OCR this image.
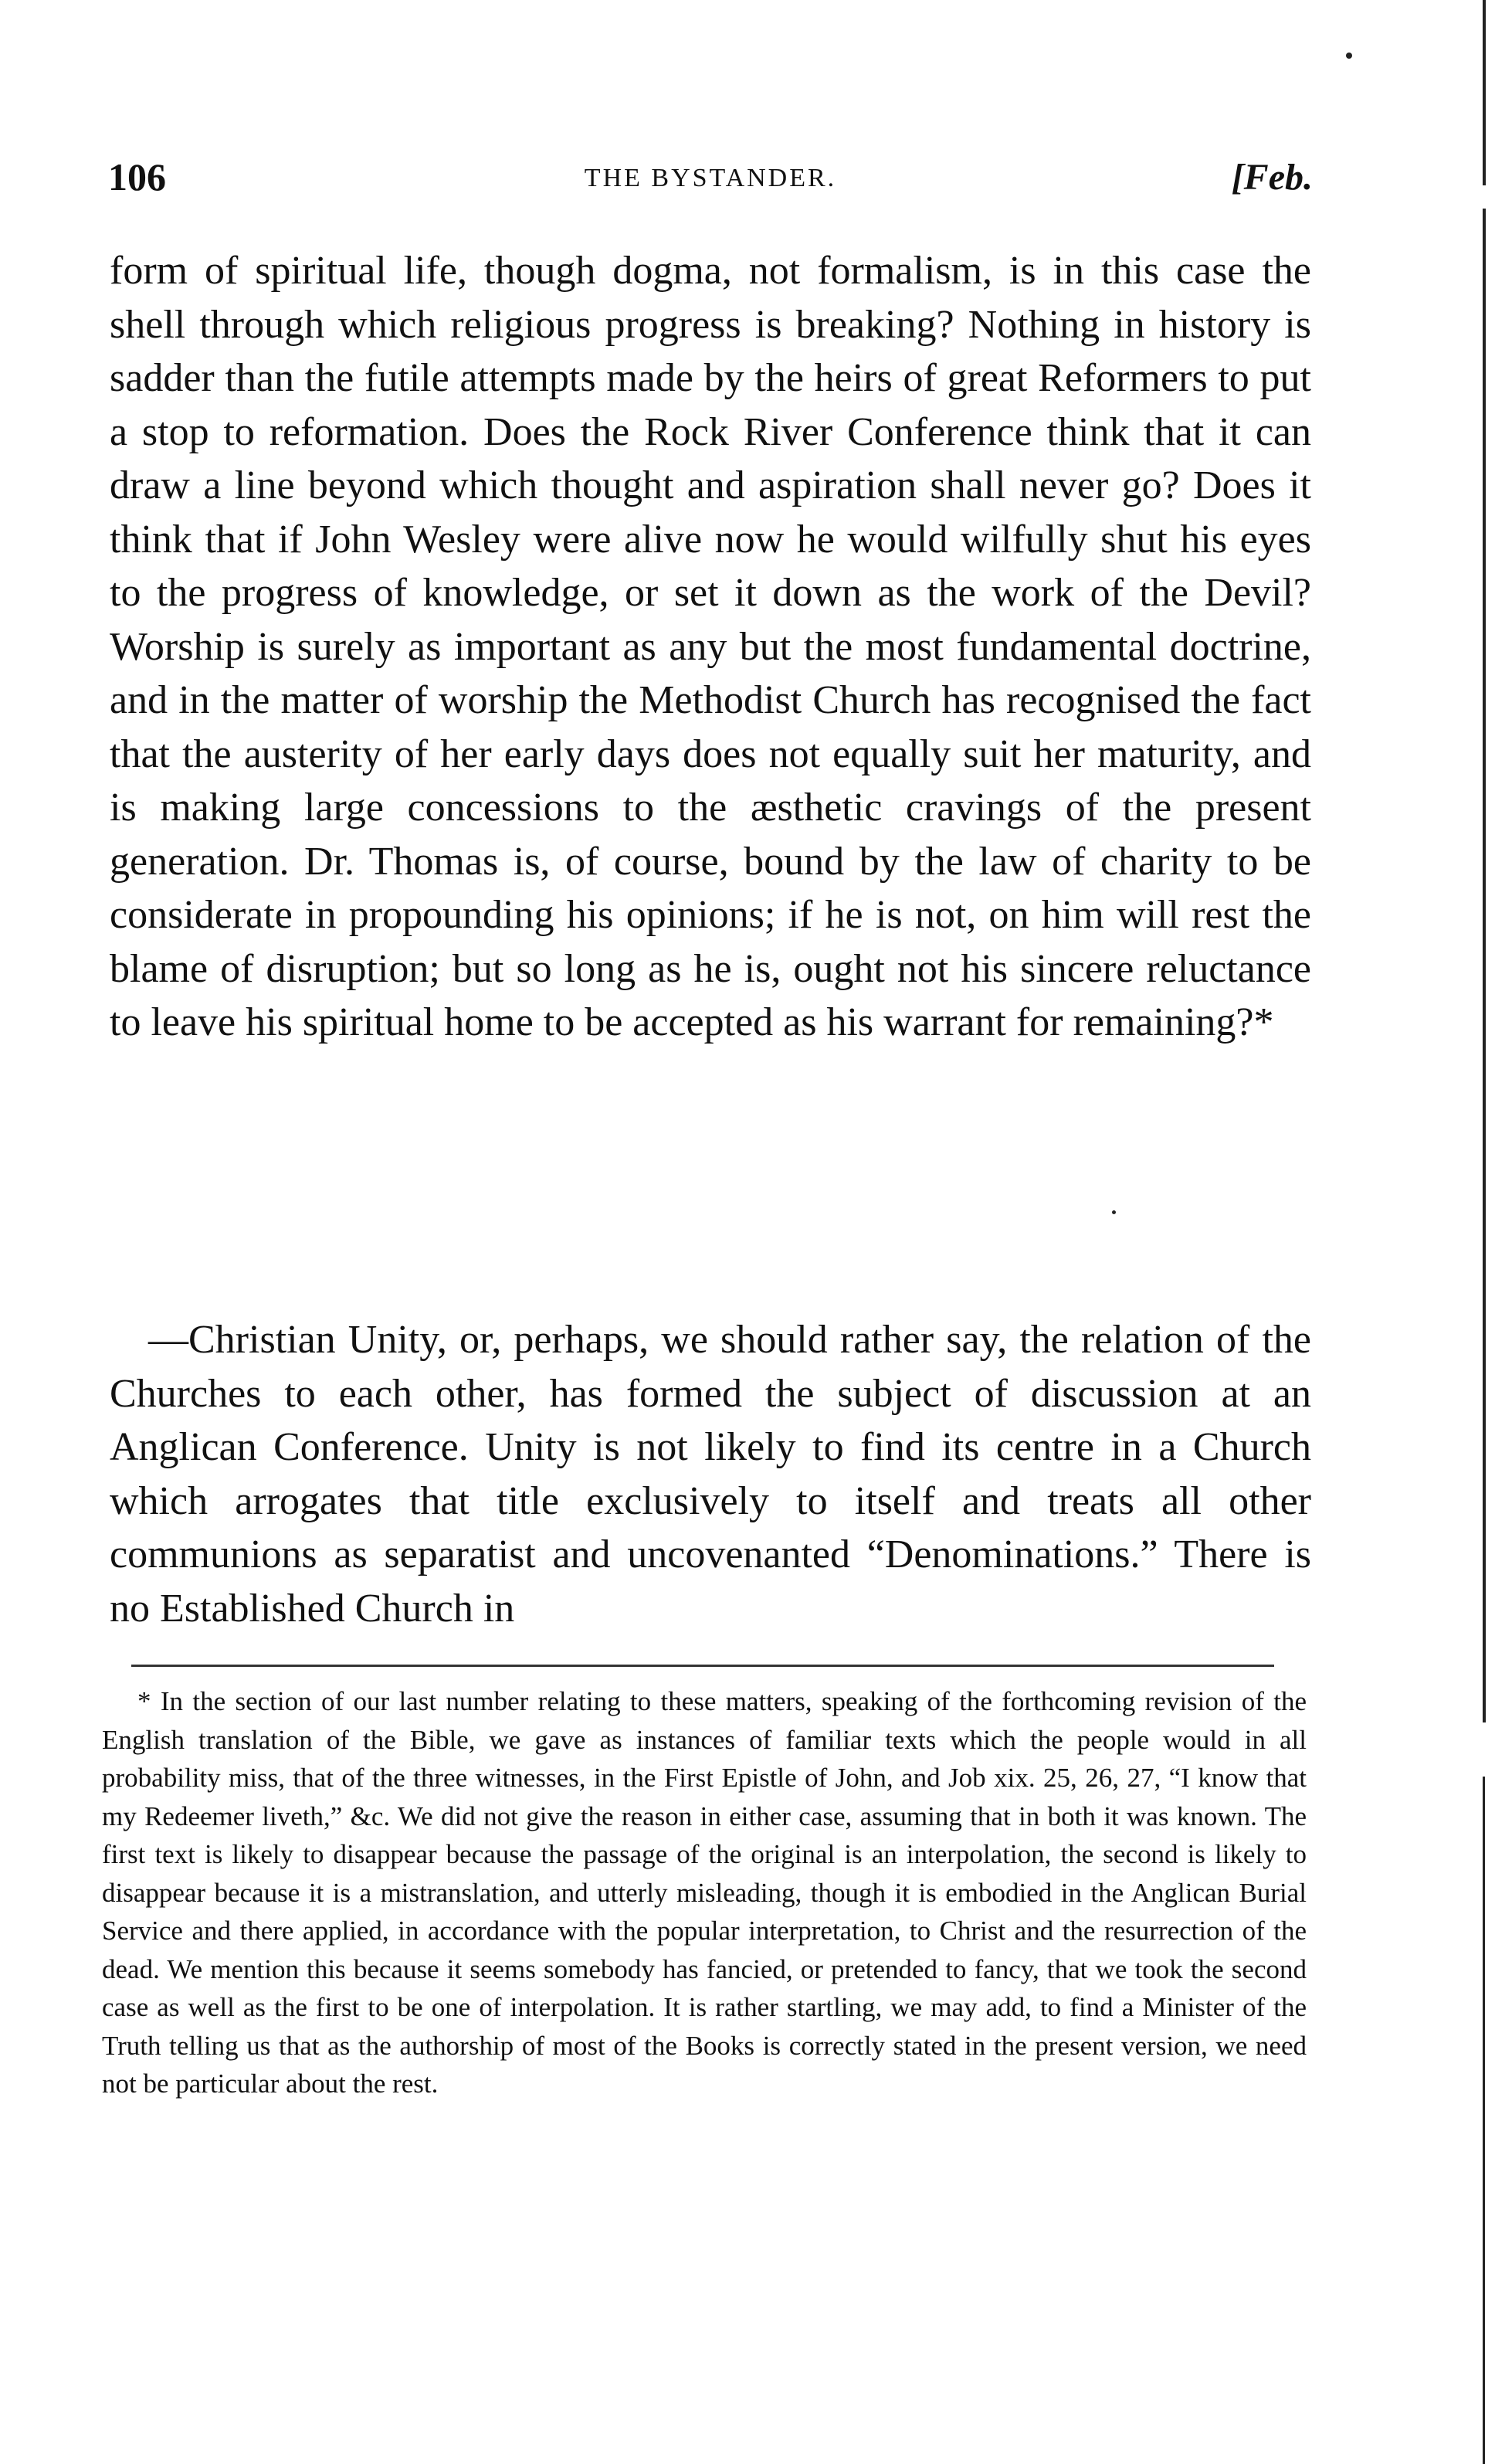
106	THE BYSTANDER.	[Feb.

form of spiritual life, though dogma, not formalism, is in this case the shell through which religious progress is breaking? Nothing in history is sadder than the futile attempts made by the heirs of great Reformers to put a stop to reformation. Does the Rock River Conference think that it can draw a line beyond which thought and aspiration shall never go? Does it think that if John Wesley were alive now he would wilfully shut his eyes to the progress of knowledge, or set it down as the work of the Devil? Worship is surely as important as any but the most fundamental doctrine, and in the matter of worship the Methodist Church has recognised the fact that the austerity of her early days does not equally suit her maturity, and is making large concessions to the æsthetic cravings of the present generation. Dr. Thomas is, of course, bound by the law of charity to be considerate in propounding his opinions; if he is not, on him will rest the blame of disruption; but so long as he is, ought not his sincere reluctance to leave his spiritual home to be accepted as his warrant for remaining?*

—Christian Unity, or, perhaps, we should rather say, the relation of the Churches to each other, has formed the subject of discussion at an Anglican Conference. Unity is not likely to find its centre in a Church which arrogates that title exclusively to itself and treats all other communions as separatist and uncovenanted “Denominations.” There is no Established Church in

* In the section of our last number relating to these matters, speaking of the forthcoming revision of the English translation of the Bible, we gave as instances of familiar texts which the people would in all probability miss, that of the three witnesses, in the First Epistle of John, and Job xix. 25, 26, 27, “I know that my Redeemer liveth,” &c. We did not give the reason in either case, assuming that in both it was known. The first text is likely to disappear because the passage of the original is an interpolation, the second is likely to disappear because it is a mistranslation, and utterly misleading, though it is embodied in the Anglican Burial Service and there applied, in accordance with the popular interpretation, to Christ and the resurrection of the dead. We mention this because it seems somebody has fancied, or pretended to fancy, that we took the second case as well as the first to be one of interpolation. It is rather startling, we may add, to find a Minister of the Truth telling us that as the authorship of most of the Books is correctly stated in the present version, we need not be particular about the rest.
